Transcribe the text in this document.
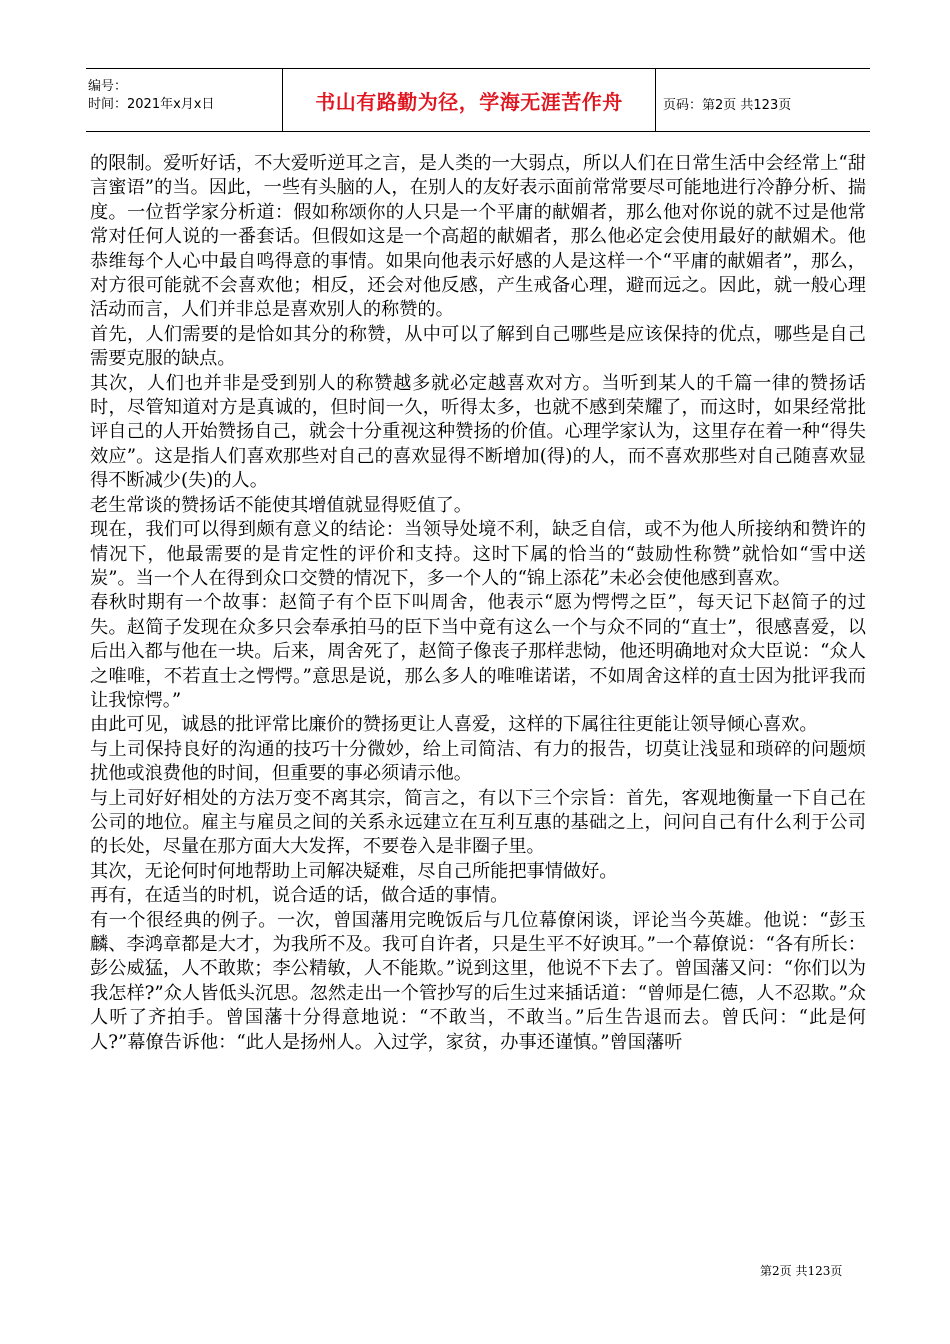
编号：
时间：2021年x月x日	书山有路勤为径，学海无涯苦作舟	页码：第2页 共123页

的限制。爱听好话，不大爱听逆耳之言，是人类的一大弱点，所以人们在日常生活中会经常上“甜言蜜语”的当。因此，一些有头脑的人，在别人的友好表示面前常常要尽可能地进行冷静分析、揣度。一位哲学家分析道：假如称颂你的人只是一个平庸的献媚者，那么他对你说的就不过是他常常对任何人说的一番套话。但假如这是一个高超的献媚者，那么他必定会使用最好的献媚术。他恭维每个人心中最自鸣得意的事情。如果向他表示好感的人是这样一个“平庸的献媚者”，那么，对方很可能就不会喜欢他；相反，还会对他反感，产生戒备心理，避而远之。因此，就一般心理活动而言，人们并非总是喜欢别人的称赞的。

首先，人们需要的是恰如其分的称赞，从中可以了解到自己哪些是应该保持的优点，哪些是自己需要克服的缺点。

其次，人们也并非是受到别人的称赞越多就必定越喜欢对方。当听到某人的千篇一律的赞扬话时，尽管知道对方是真诚的，但时间一久，听得太多，也就不感到荣耀了，而这时，如果经常批评自己的人开始赞扬自己，就会十分重视这种赞扬的价值。心理学家认为，这里存在着一种“得失效应”。这是指人们喜欢那些对自己的喜欢显得不断增加(得)的人，而不喜欢那些对自己随喜欢显得不断减少(失)的人。

老生常谈的赞扬话不能使其增值就显得贬值了。

现在，我们可以得到颇有意义的结论：当领导处境不利，缺乏自信，或不为他人所接纳和赞许的情况下，他最需要的是肯定性的评价和支持。这时下属的恰当的“鼓励性称赞”就恰如“雪中送炭”。当一个人在得到众口交赞的情况下，多一个人的“锦上添花”未必会使他感到喜欢。

春秋时期有一个故事：赵简子有个臣下叫周舍，他表示“愿为愕愕之臣”，每天记下赵简子的过失。赵简子发现在众多只会奉承拍马的臣下当中竟有这么一个与众不同的“直士”，很感喜爱，以后出入都与他在一块。后来，周舍死了，赵简子像丧子那样悲恸，他还明确地对众大臣说：“众人之唯唯，不若直士之愕愕。”意思是说，那么多人的唯唯诺诺，不如周舍这样的直士因为批评我而让我惊愕。”

由此可见，诚恳的批评常比廉价的赞扬更让人喜爱，这样的下属往往更能让领导倾心喜欢。

与上司保持良好的沟通的技巧十分微妙，给上司简洁、有力的报告，切莫让浅显和琐碎的问题烦扰他或浪费他的时间，但重要的事必须请示他。

与上司好好相处的方法万变不离其宗，简言之，有以下三个宗旨：首先，客观地衡量一下自己在公司的地位。雇主与雇员之间的关系永远建立在互利互惠的基础之上，问问自己有什么利于公司的长处，尽量在那方面大大发挥，不要卷入是非圈子里。

其次，无论何时何地帮助上司解决疑难，尽自己所能把事情做好。

再有，在适当的时机，说合适的话，做合适的事情。

有一个很经典的例子。一次，曾国藩用完晚饭后与几位幕僚闲谈，评论当今英雄。他说：“彭玉麟、李鸿章都是大才，为我所不及。我可自许者，只是生平不好谀耳。”一个幕僚说：“各有所长：彭公威猛，人不敢欺；李公精敏，人不能欺。”说到这里，他说不下去了。曾国藩又问：“你们以为我怎样?”众人皆低头沉思。忽然走出一个管抄写的后生过来插话道：“曾师是仁德，人不忍欺。”众人听了齐拍手。曾国藩十分得意地说：“不敢当，不敢当。”后生告退而去。曾氏问：“此是何人?”幕僚告诉他：“此人是扬州人。入过学，家贫，办事还谨慎。”曾国藩听

第2页 共123页
